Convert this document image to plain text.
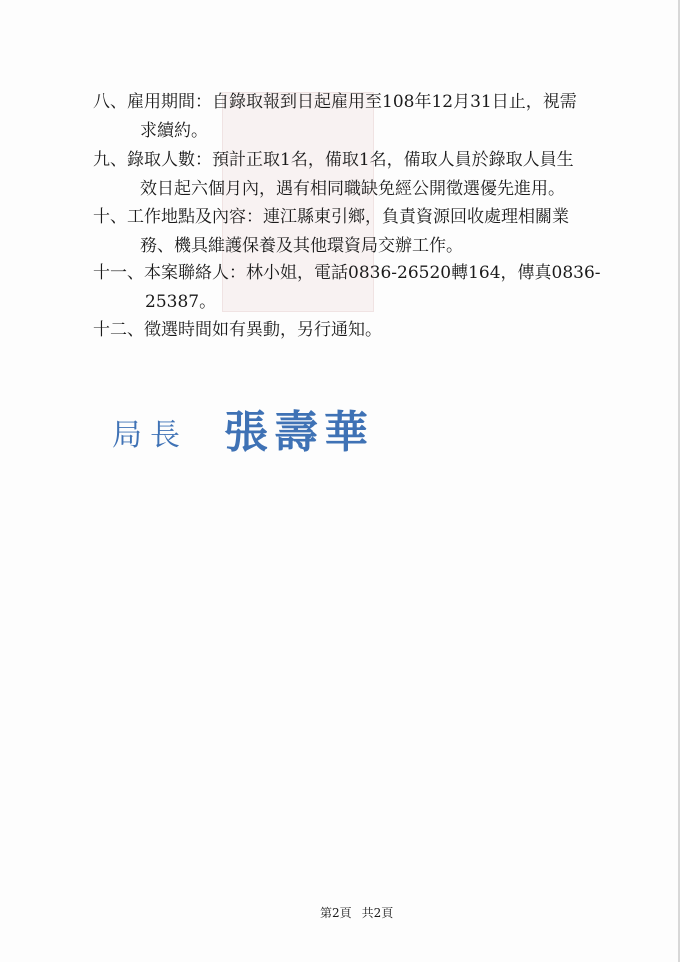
八、雇用期間：自錄取報到日起雇用至108年12月31日止，視需
求續約。
九、錄取人數：預計正取1名，備取1名，備取人員於錄取人員生
效日起六個月內，遇有相同職缺免經公開徵選優先進用。
十、工作地點及內容：連江縣東引鄉，負責資源回收處理相關業
務、機具維護保養及其他環資局交辦工作。
十一、本案聯絡人：林小姐，電話0836-26520轉164，傳真0836-
25387。
十二、徵選時間如有異動，另行通知。
局長 張壽華
第2頁 共2頁
